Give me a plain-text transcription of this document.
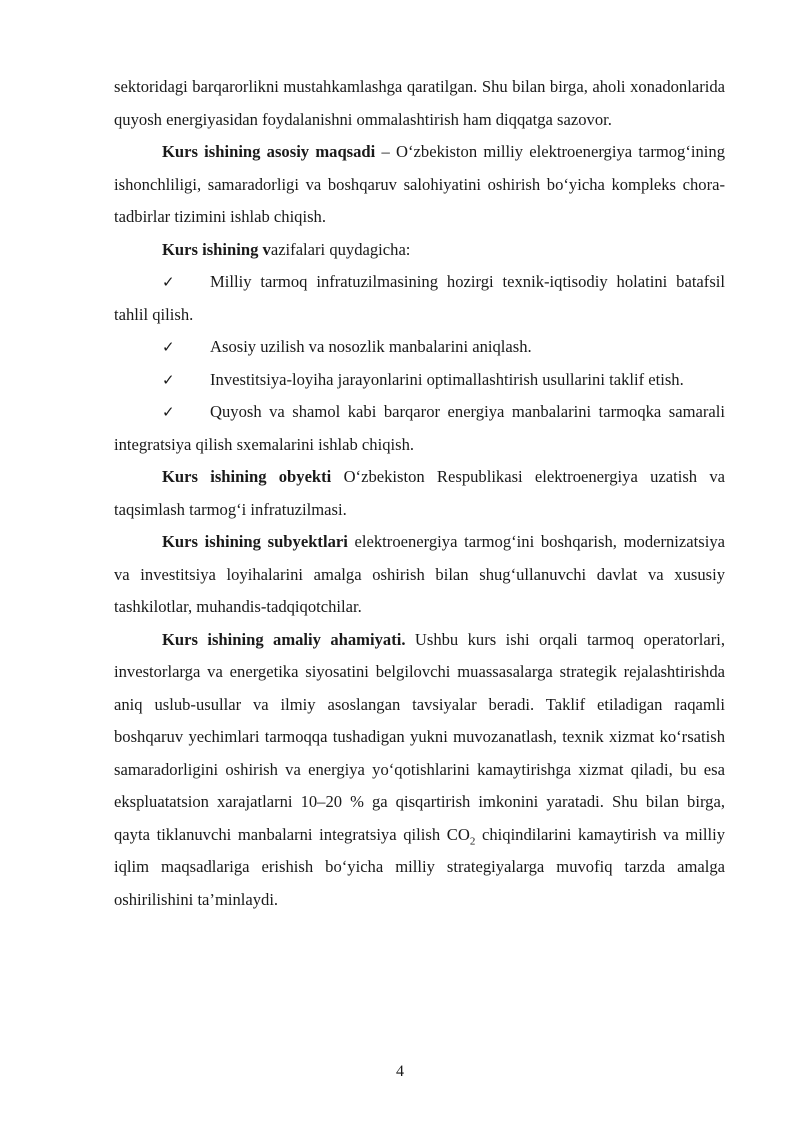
sektoridagi barqarorlikni mustahkamlashga qaratilgan. Shu bilan birga, aholi xonadonlarida quyosh energiyasidan foydalanishni ommalashtirish ham diqqatga sazovor.

Kurs ishining asosiy maqsadi – O‘zbekiston milliy elektroenergiya tarmog‘ining ishonchliligi, samaradorligi va boshqaruv salohiyatini oshirish bo‘yicha kompleks chora-tadbirlar tizimini ishlab chiqish.

Kurs ishining vazifalari quydagicha:

✓ Milliy tarmoq infratuzilmasining hozirgi texnik-iqtisodiy holatini batafsil tahlil qilish.

✓ Asosiy uzilish va nosozlik manbalarini aniqlash.

✓ Investitsiya-loyiha jarayonlarini optimallashtirish usullarini taklif etish.

✓ Quyosh va shamol kabi barqaror energiya manbalarini tarmoqka samarali integratsiya qilish sxemalarini ishlab chiqish.

Kurs ishining obyekti O‘zbekiston Respublikasi elektroenergiya uzatish va taqsimlash tarmog‘i infratuzilmasi.

Kurs ishining subyektlari elektroenergiya tarmog‘ini boshqarish, modernizatsiya va investitsiya loyihalarini amalga oshirish bilan shug‘ullanuvchi davlat va xususiy tashkilotlar, muhandis-tadqiqotchilar.

Kurs ishining amaliy ahamiyati. Ushbu kurs ishi orqali tarmoq operatorlari, investorlarga va energetika siyosatini belgilovchi muassasalarga strategik rejalashtirishda aniq uslub-usullar va ilmiy asoslangan tavsiyalar beradi. Taklif etiladigan raqamli boshqaruv yechimlari tarmoqqa tushadigan yukni muvozanatlash, texnik xizmat ko‘rsatish samaradorligini oshirish va energiya yo‘qotishlarini kamaytirishga xizmat qiladi, bu esa ekspluatatsion xarajatlarni 10–20 % ga qisqartirish imkonini yaratadi. Shu bilan birga, qayta tiklanuvchi manbalarni integratsiya qilish $CO_2$ chiqindilarini kamaytirish va milliy iqlim maqsadlariga erishish bo‘yicha milliy strategiyalarga muvofiq tarzda amalga oshirilishini ta’minlaydi.

4
